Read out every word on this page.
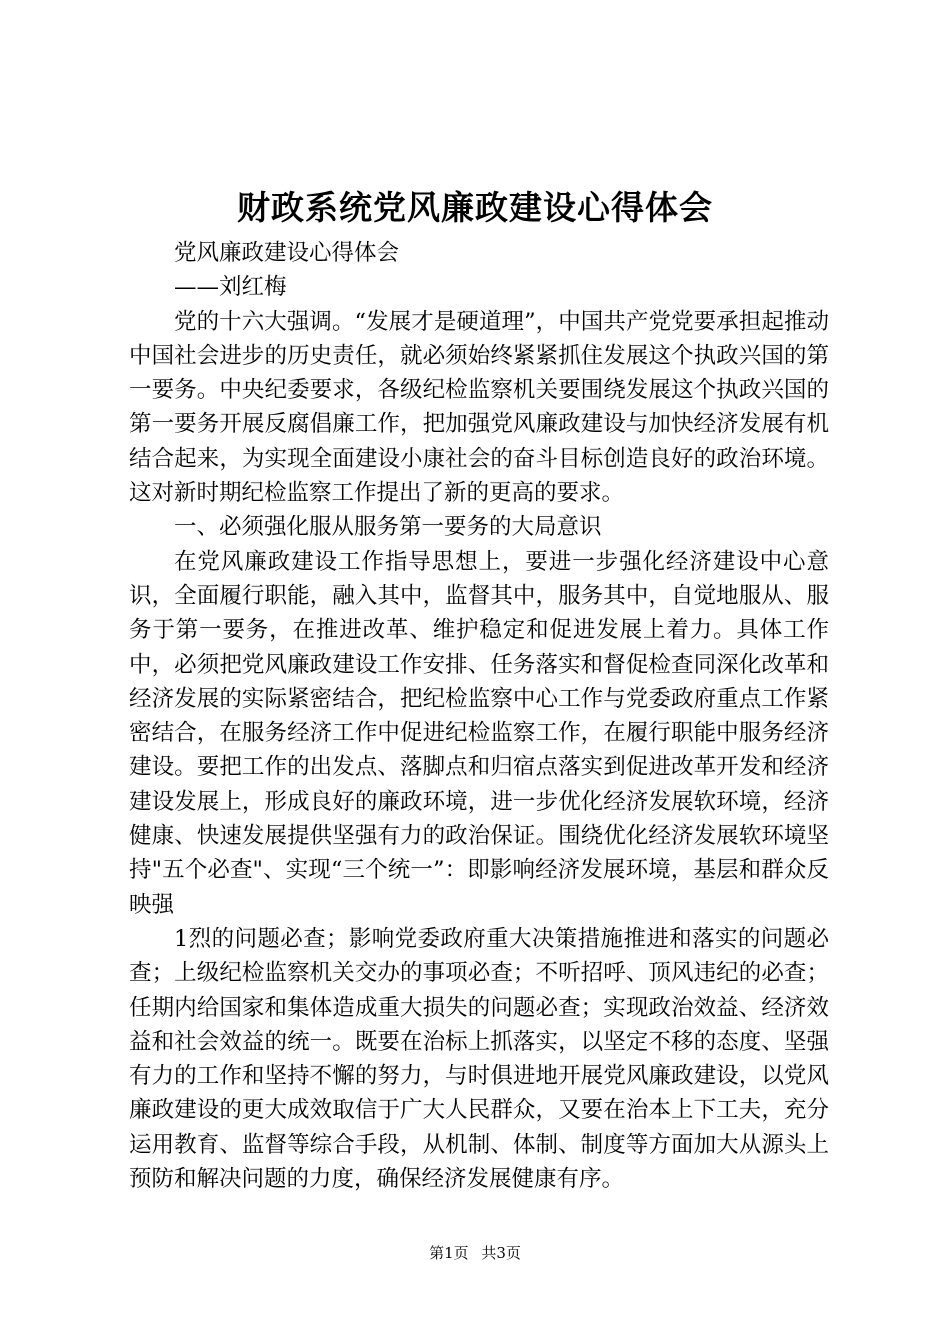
财政系统党风廉政建设心得体会

党风廉政建设心得体会

——刘红梅

党的十六大强调。“发展才是硬道理”，中国共产党党要承担起推动中国社会进步的历史责任，就必须始终紧紧抓住发展这个执政兴国的第一要务。中央纪委要求，各级纪检监察机关要围绕发展这个执政兴国的第一要务开展反腐倡廉工作，把加强党风廉政建设与加快经济发展有机结合起来，为实现全面建设小康社会的奋斗目标创造良好的政治环境。这对新时期纪检监察工作提出了新的更高的要求。

一、必须强化服从服务第一要务的大局意识

在党风廉政建设工作指导思想上，要进一步强化经济建设中心意识，全面履行职能，融入其中，监督其中，服务其中，自觉地服从、服务于第一要务，在推进改革、维护稳定和促进发展上着力。具体工作中，必须把党风廉政建设工作安排、任务落实和督促检查同深化改革和经济发展的实际紧密结合，把纪检监察中心工作与党委政府重点工作紧密结合，在服务经济工作中促进纪检监察工作，在履行职能中服务经济建设。要把工作的出发点、落脚点和归宿点落实到促进改革开发和经济建设发展上，形成良好的廉政环境，进一步优化经济发展软环境，经济健康、快速发展提供坚强有力的政治保证。围绕优化经济发展软环境坚持"五个必查"、实现“三个统一”：即影响经济发展环境，基层和群众反映强

1烈的问题必查；影响党委政府重大决策措施推进和落实的问题必查；上级纪检监察机关交办的事项必查；不听招呼、顶风违纪的必查；任期内给国家和集体造成重大损失的问题必查；实现政治效益、经济效益和社会效益的统一。既要在治标上抓落实，以坚定不移的态度、坚强有力的工作和坚持不懈的努力，与时俱进地开展党风廉政建设，以党风廉政建设的更大成效取信于广大人民群众，又要在治本上下工夫，充分运用教育、监督等综合手段，从机制、体制、制度等方面加大从源头上预防和解决问题的力度，确保经济发展健康有序。

第1页 共3页
